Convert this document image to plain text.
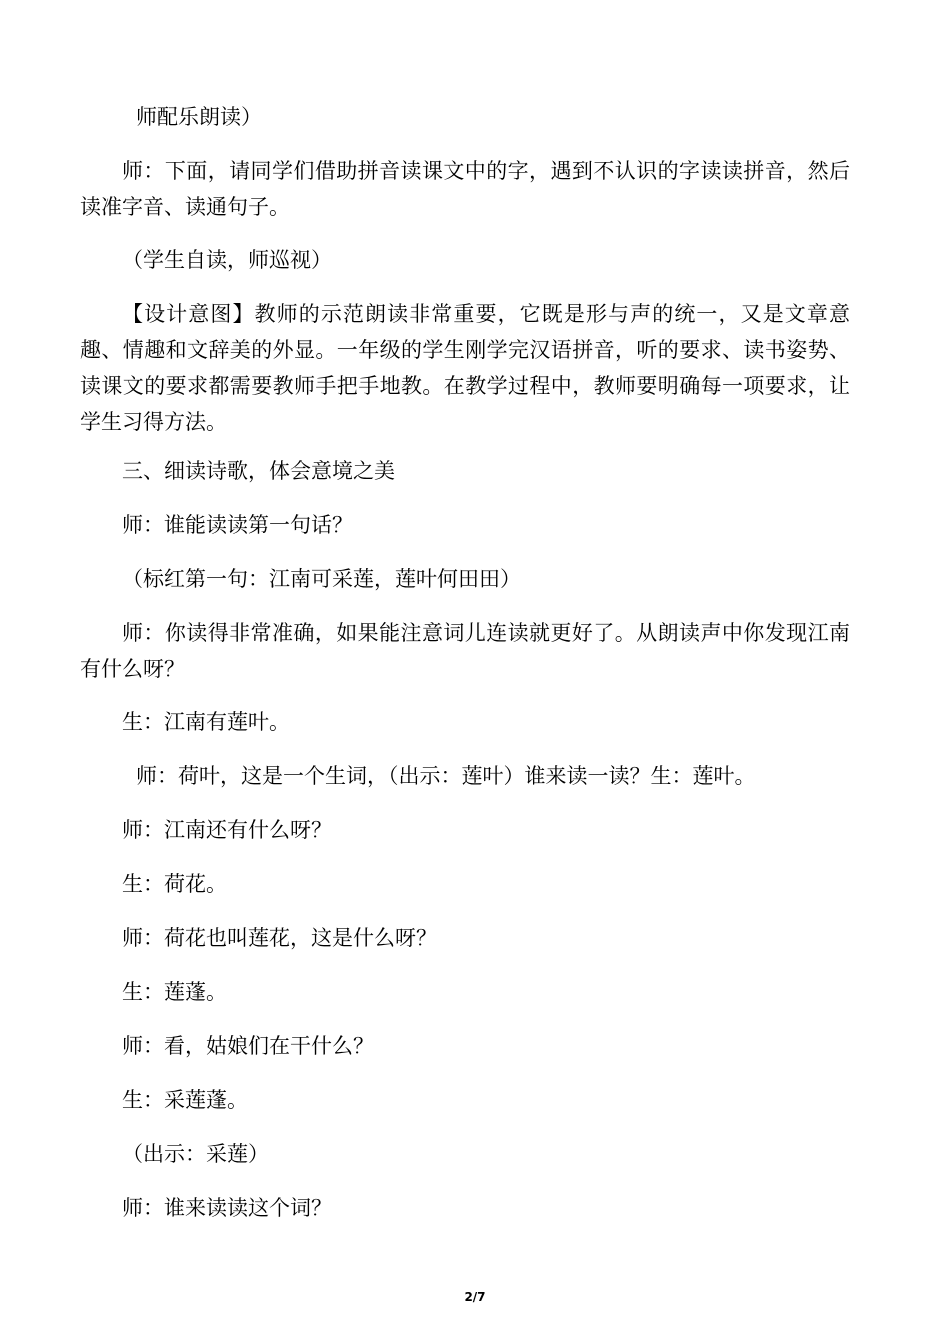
师配乐朗读）

师：下面，请同学们借助拼音读课文中的字，遇到不认识的字读读拼音，然后读准字音、读通句子。

（学生自读，师巡视）

【设计意图】教师的示范朗读非常重要，它既是形与声的统一，又是文章意趣、情趣和文辞美的外显。一年级的学生刚学完汉语拼音，听的要求、读书姿势、读课文的要求都需要教师手把手地教。在教学过程中，教师要明确每一项要求，让学生习得方法。

三、细读诗歌，体会意境之美

师：谁能读读第一句话？

（标红第一句：江南可采莲，莲叶何田田）

师：你读得非常准确，如果能注意词儿连读就更好了。从朗读声中你发现江南有什么呀？

生：江南有莲叶。

师：荷叶，这是一个生词，（出示：莲叶）谁来读一读？生：莲叶。

师：江南还有什么呀？

生：荷花。

师：荷花也叫莲花，这是什么呀？

生：莲蓬。

师：看，姑娘们在干什么？

生：采莲蓬。

（出示：采莲）

师：谁来读读这个词？

2/7
